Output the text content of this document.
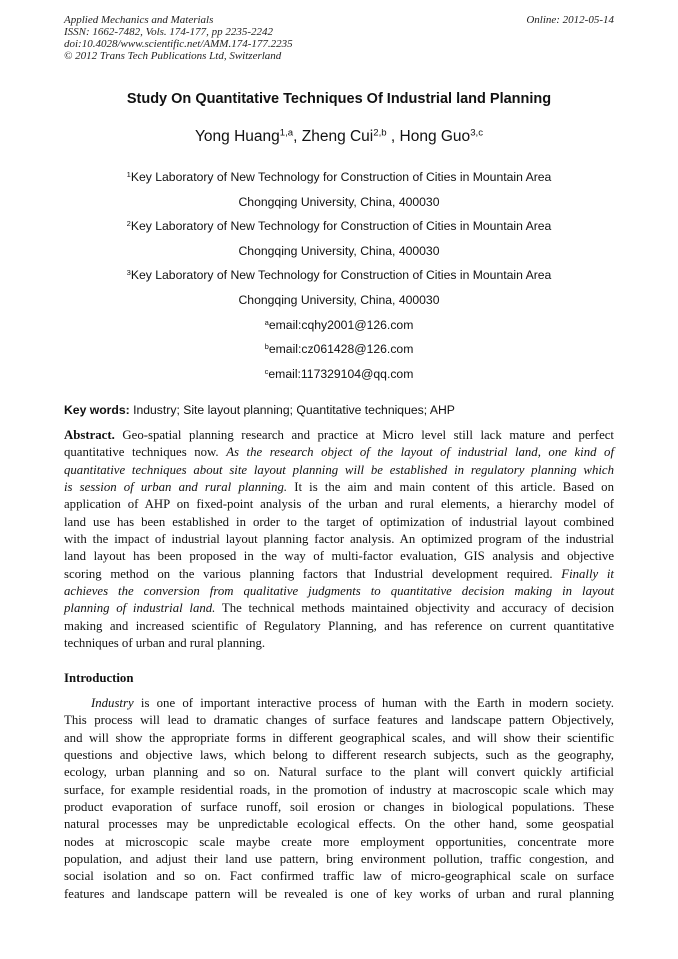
Applied Mechanics and Materials
ISSN: 1662-7482, Vols. 174-177, pp 2235-2242
doi:10.4028/www.scientific.net/AMM.174-177.2235
© 2012 Trans Tech Publications Ltd, Switzerland
Online: 2012-05-14
Study On Quantitative Techniques Of Industrial land Planning
Yong Huang$^{1,a}$, Zheng Cui$^{2,b}$ , Hong Guo$^{3,c}$
$^1$Key Laboratory of New Technology for Construction of Cities in Mountain Area
Chongqing University, China, 400030
$^2$Key Laboratory of New Technology for Construction of Cities in Mountain Area
Chongqing University, China, 400030
$^3$Key Laboratory of New Technology for Construction of Cities in Mountain Area
Chongqing University, China, 400030
$^a$email:cqhy2001@126.com
$^b$email:cz061428@126.com
$^c$email:117329104@qq.com
Key words: Industry; Site layout planning; Quantitative techniques; AHP
Abstract. Geo-spatial planning research and practice at Micro level still lack mature and perfect
quantitative techniques now. As the research object of the layout of industrial land, one kind of
quantitative techniques about site layout planning will be established in regulatory planning which
is session of urban and rural planning. It is the aim and main content of this article. Based on
application of AHP on fixed-point analysis of the urban and rural elements, a hierarchy model of
land use has been established in order to the target of optimization of industrial layout combined
with the impact of industrial layout planning factor analysis. An optimized program of the industrial
land layout has been proposed in the way of multi-factor evaluation, GIS analysis and objective
scoring method on the various planning factors that Industrial development required. Finally it
achieves the conversion from qualitative judgments to quantitative decision making in layout
planning of industrial land. The technical methods maintained objectivity and accuracy of decision
making and increased scientific of Regulatory Planning, and has reference on current quantitative
techniques of urban and rural planning.
Introduction
Industry is one of important interactive process of human with the Earth in modern society.
This process will lead to dramatic changes of surface features and landscape pattern Objectively,
and will show the appropriate forms in different geographical scales, and will show their scientific
questions and objective laws, which belong to different research subjects, such as the geography,
ecology, urban planning and so on. Natural surface to the plant will convert quickly artificial
surface, for example residential roads, in the promotion of industry at macroscopic scale which may
product evaporation of surface runoff, soil erosion or changes in biological populations. These
natural processes may be unpredictable ecological effects. On the other hand, some geospatial
nodes at microscopic scale maybe create more employment opportunities, concentrate more
population, and adjust their land use pattern, bring environment pollution, traffic congestion, and
social isolation and so on. Fact confirmed traffic law of micro-geographical scale on surface
features and landscape pattern will be revealed is one of key works of urban and rural planning
